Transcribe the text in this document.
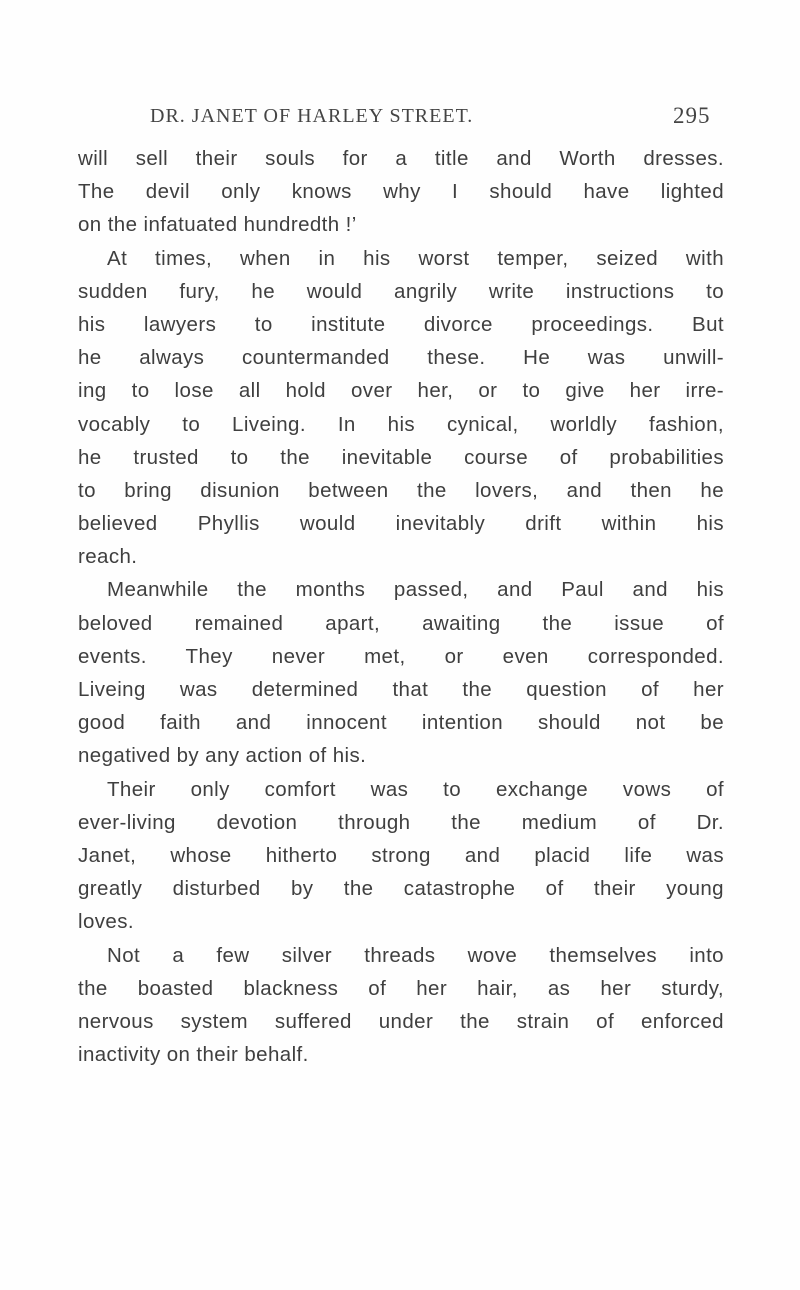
DR. JANET OF HARLEY STREET.	295
will sell their souls for a title and Worth dresses.
The devil only knows why I should have lighted
on the infatuated hundredth !’
At times, when in his worst temper, seized with
sudden fury, he would angrily write instructions to
his lawyers to institute divorce proceedings. But
he always countermanded these. He was unwill-
ing to lose all hold over her, or to give her irre-
vocably to Liveing. In his cynical, worldly fashion,
he trusted to the inevitable course of probabilities
to bring disunion between the lovers, and then he
believed Phyllis would inevitably drift within his
reach.
Meanwhile the months passed, and Paul and his
beloved remained apart, awaiting the issue of
events. They never met, or even corresponded.
Liveing was determined that the question of her
good faith and innocent intention should not be
negatived by any action of his.
Their only comfort was to exchange vows of
ever-living devotion through the medium of Dr.
Janet, whose hitherto strong and placid life was
greatly disturbed by the catastrophe of their young
loves.
Not a few silver threads wove themselves into
the boasted blackness of her hair, as her sturdy,
nervous system suffered under the strain of enforced
inactivity on their behalf.
